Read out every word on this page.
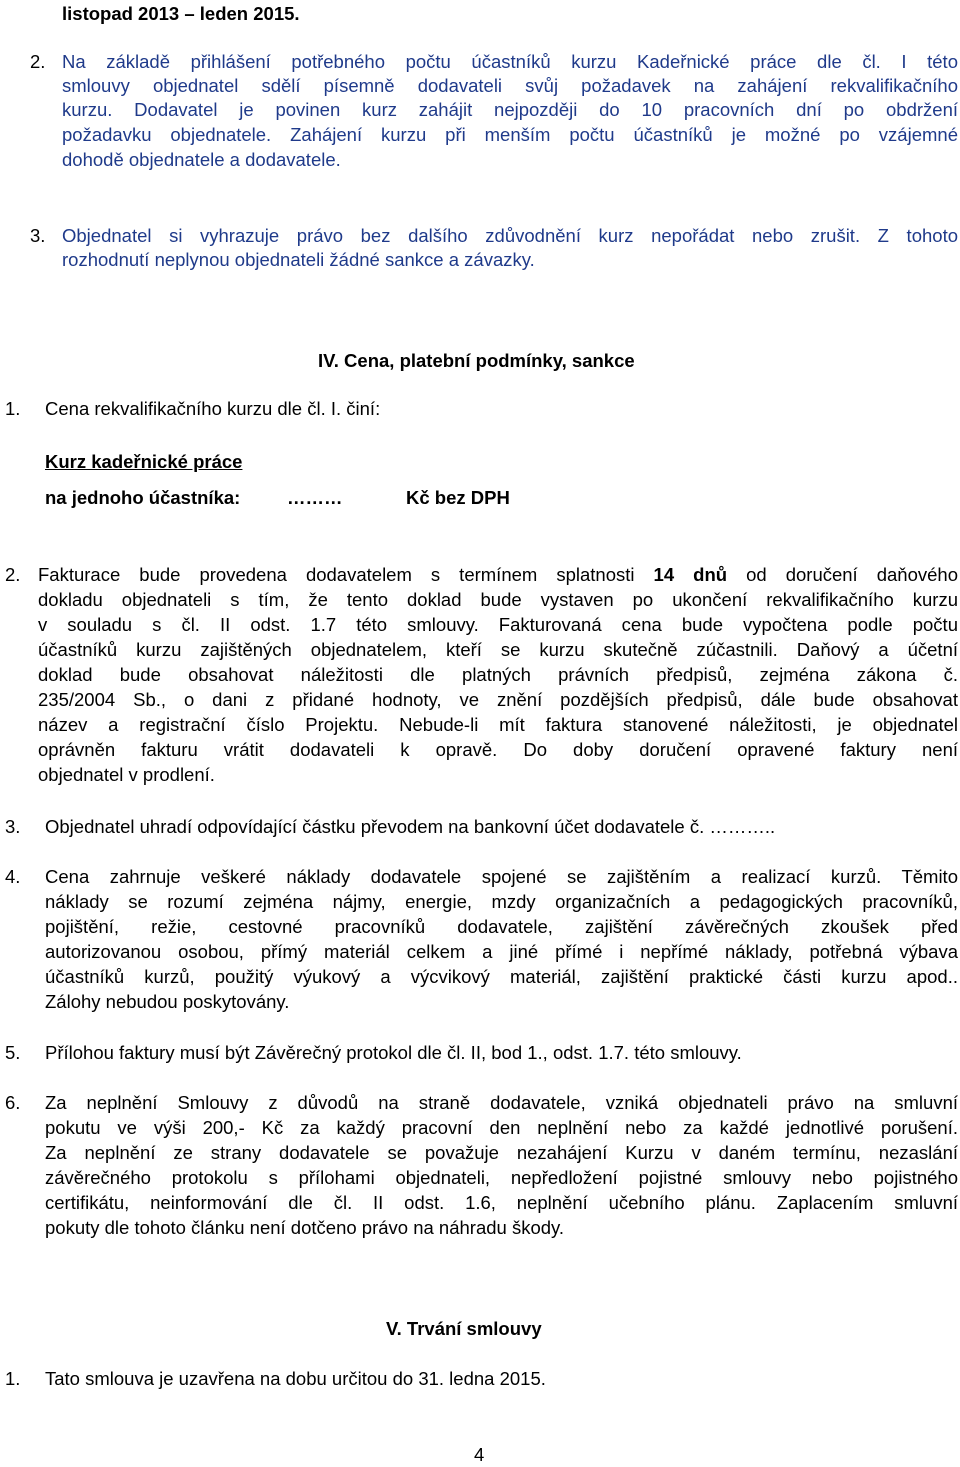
listopad 2013 – leden 2015.
2. Na základě přihlášení potřebného počtu účastníků kurzu Kadeřnické práce dle čl. I této
smlouvy objednatel sdělí písemně dodavateli svůj požadavek na zahájení rekvalifikačního
kurzu. Dodavatel je povinen kurz zahájit nejpozději do 10 pracovních dní po obdržení
požadavku objednatele. Zahájení kurzu při menším počtu účastníků je možné po vzájemné
dohodě objednatele a dodavatele.
3. Objednatel si vyhrazuje právo bez dalšího zdůvodnění kurz nepořádat nebo zrušit. Z tohoto
rozhodnutí neplynou objednateli žádné sankce a závazky.
IV. Cena, platební podmínky, sankce
1. Cena rekvalifikačního kurzu dle čl. I. činí:
Kurz kadeřnické práce
na jednoho účastníka:	………	Kč bez DPH
2. Fakturace bude provedena dodavatelem s termínem splatnosti 14 dnů od doručení daňového
dokladu objednateli s tím, že tento doklad bude vystaven po ukončení rekvalifikačního kurzu
v souladu s čl. II odst. 1.7 této smlouvy. Fakturovaná cena bude vypočtena podle počtu
účastníků kurzu zajištěných objednatelem, kteří se kurzu skutečně zúčastnili. Daňový a účetní
doklad bude obsahovat náležitosti dle platných právních předpisů, zejména zákona č.
235/2004 Sb., o dani z přidané hodnoty, ve znění pozdějších předpisů, dále bude obsahovat
název a registrační číslo Projektu. Nebude-li mít faktura stanovené náležitosti, je objednatel
oprávněn fakturu vrátit dodavateli k opravě. Do doby doručení opravené faktury není
objednatel v prodlení.
3. Objednatel uhradí odpovídající částku převodem na bankovní účet dodavatele č. ………..
4. Cena zahrnuje veškeré náklady dodavatele spojené se zajištěním a realizací kurzů. Těmito
náklady se rozumí zejména nájmy, energie, mzdy organizačních a pedagogických pracovníků,
pojištění, režie, cestovné pracovníků dodavatele, zajištění závěrečných zkoušek před
autorizovanou osobou, přímý materiál celkem a jiné přímé i nepřímé náklady, potřebná výbava
účastníků kurzů, použitý výukový a výcvikový materiál, zajištění praktické části kurzu apod..
Zálohy nebudou poskytovány.
5. Přílohou faktury musí být Závěrečný protokol dle čl. II, bod 1., odst. 1.7. této smlouvy.
6. Za neplnění Smlouvy z důvodů na straně dodavatele, vzniká objednateli právo na smluvní
pokutu ve výši 200,- Kč za každý pracovní den neplnění nebo za každé jednotlivé porušení.
Za neplnění ze strany dodavatele se považuje nezahájení Kurzu v daném termínu, nezaslání
závěrečného protokolu s přílohami objednateli, nepředložení pojistné smlouvy nebo pojistného
certifikátu, neinformování dle čl. II odst. 1.6, neplnění učebního plánu. Zaplacením smluvní
pokuty dle tohoto článku není dotčeno právo na náhradu škody.
V. Trvání smlouvy
1. Tato smlouva je uzavřena na dobu určitou do 31. ledna 2015.
4
